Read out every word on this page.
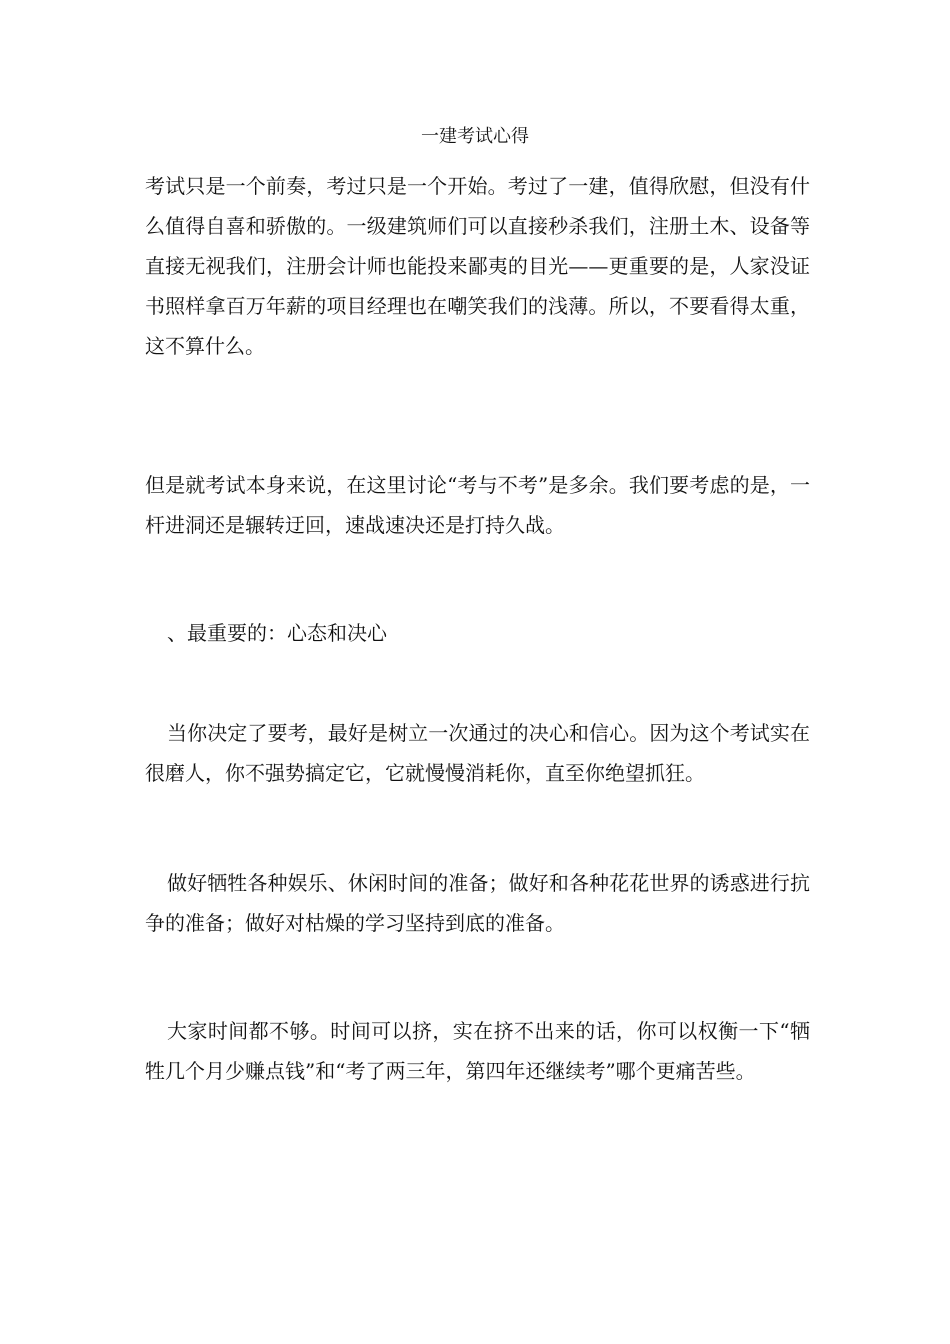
一建考试心得

考试只是一个前奏，考过只是一个开始。考过了一建，值得欣慰，但没有什么值得自喜和骄傲的。一级建筑师们可以直接秒杀我们，注册土木、设备等直接无视我们，注册会计师也能投来鄙夷的目光——更重要的是，人家没证书照样拿百万年薪的项目经理也在嘲笑我们的浅薄。所以，不要看得太重，这不算什么。

但是就考试本身来说，在这里讨论“考与不考”是多余。我们要考虑的是，一杆进洞还是辗转迂回，速战速决还是打持久战。

、最重要的：心态和决心

当你决定了要考，最好是树立一次通过的决心和信心。因为这个考试实在很磨人，你不强势搞定它，它就慢慢消耗你，直至你绝望抓狂。

做好牺牲各种娱乐、休闲时间的准备；做好和各种花花世界的诱惑进行抗争的准备；做好对枯燥的学习坚持到底的准备。

大家时间都不够。时间可以挤，实在挤不出来的话，你可以权衡一下“牺牲几个月少赚点钱”和“考了两三年，第四年还继续考”哪个更痛苦些。
